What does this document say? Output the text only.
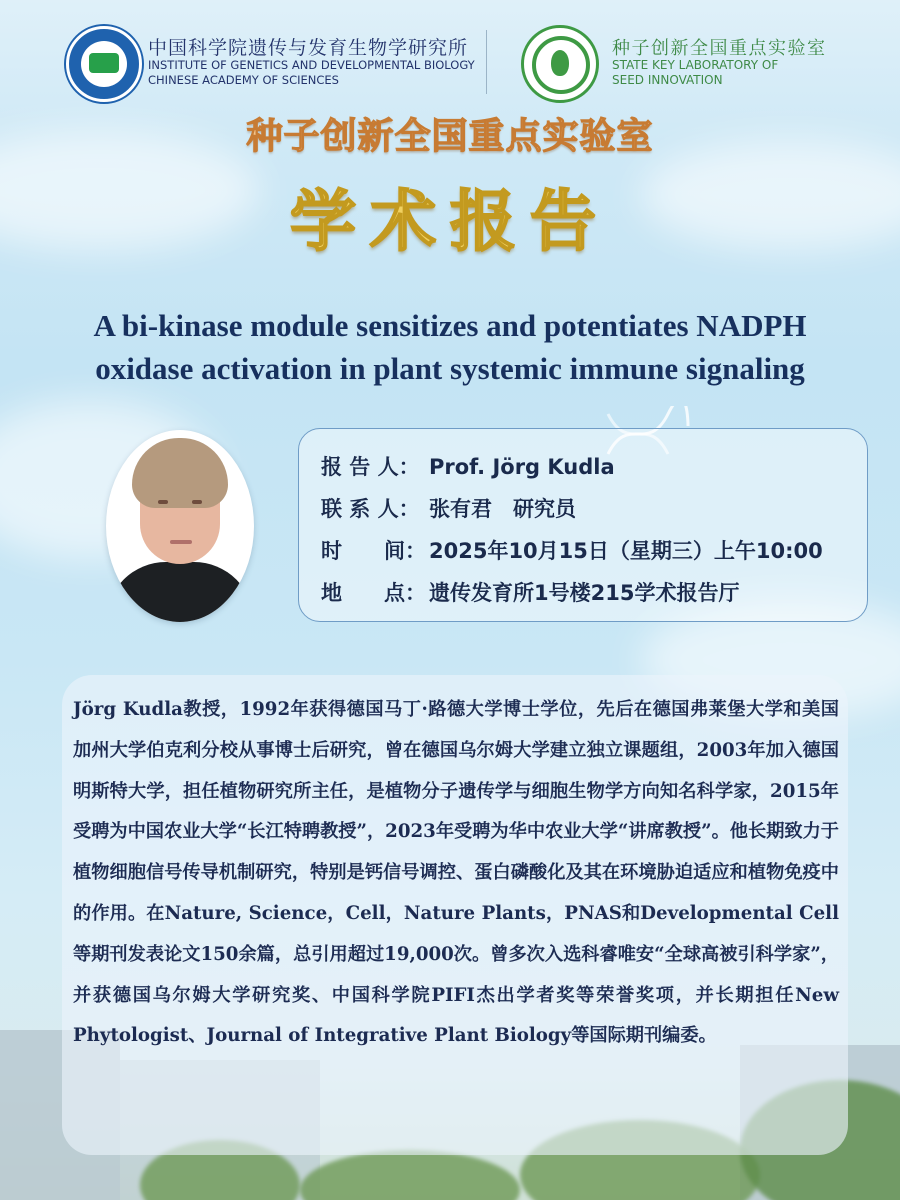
中国科学院遗传与发育生物学研究所
INSTITUTE OF GENETICS AND DEVELOPMENTAL BIOLOGY
CHINESE ACADEMY OF SCIENCES
种子创新全国重点实验室
STATE KEY LABORATORY OF
SEED INNOVATION
种子创新全国重点实验室
学术报告
A bi-kinase module sensitizes and potentiates NADPH
oxidase activation in plant systemic immune signaling
报 告 人： Prof. Jörg Kudla
联 系 人： 张有君　研究员
时　　间： 2025年10月15日（星期三）上午10:00
地　　点： 遗传发育所1号楼215学术报告厅
Jörg Kudla教授，1992年获得德国马丁·路德大学博士学位，先后在德国弗莱堡大学和美国加州大学伯克利分校从事博士后研究，曾在德国乌尔姆大学建立独立课题组，2003年加入德国明斯特大学，担任植物研究所主任，是植物分子遗传学与细胞生物学方向知名科学家，2015年受聘为中国农业大学“长江特聘教授”，2023年受聘为华中农业大学“讲席教授”。他长期致力于植物细胞信号传导机制研究，特别是钙信号调控、蛋白磷酸化及其在环境胁迫适应和植物免疫中的作用。在Nature, Science，Cell，Nature Plants，PNAS和Developmental Cell等期刊发表论文150余篇，总引用超过19,000次。曾多次入选科睿唯安“全球高被引科学家”，并获德国乌尔姆大学研究奖、中国科学院PIFI杰出学者奖等荣誉奖项，并长期担任New Phytologist、Journal of Integrative Plant Biology等国际期刊编委。
